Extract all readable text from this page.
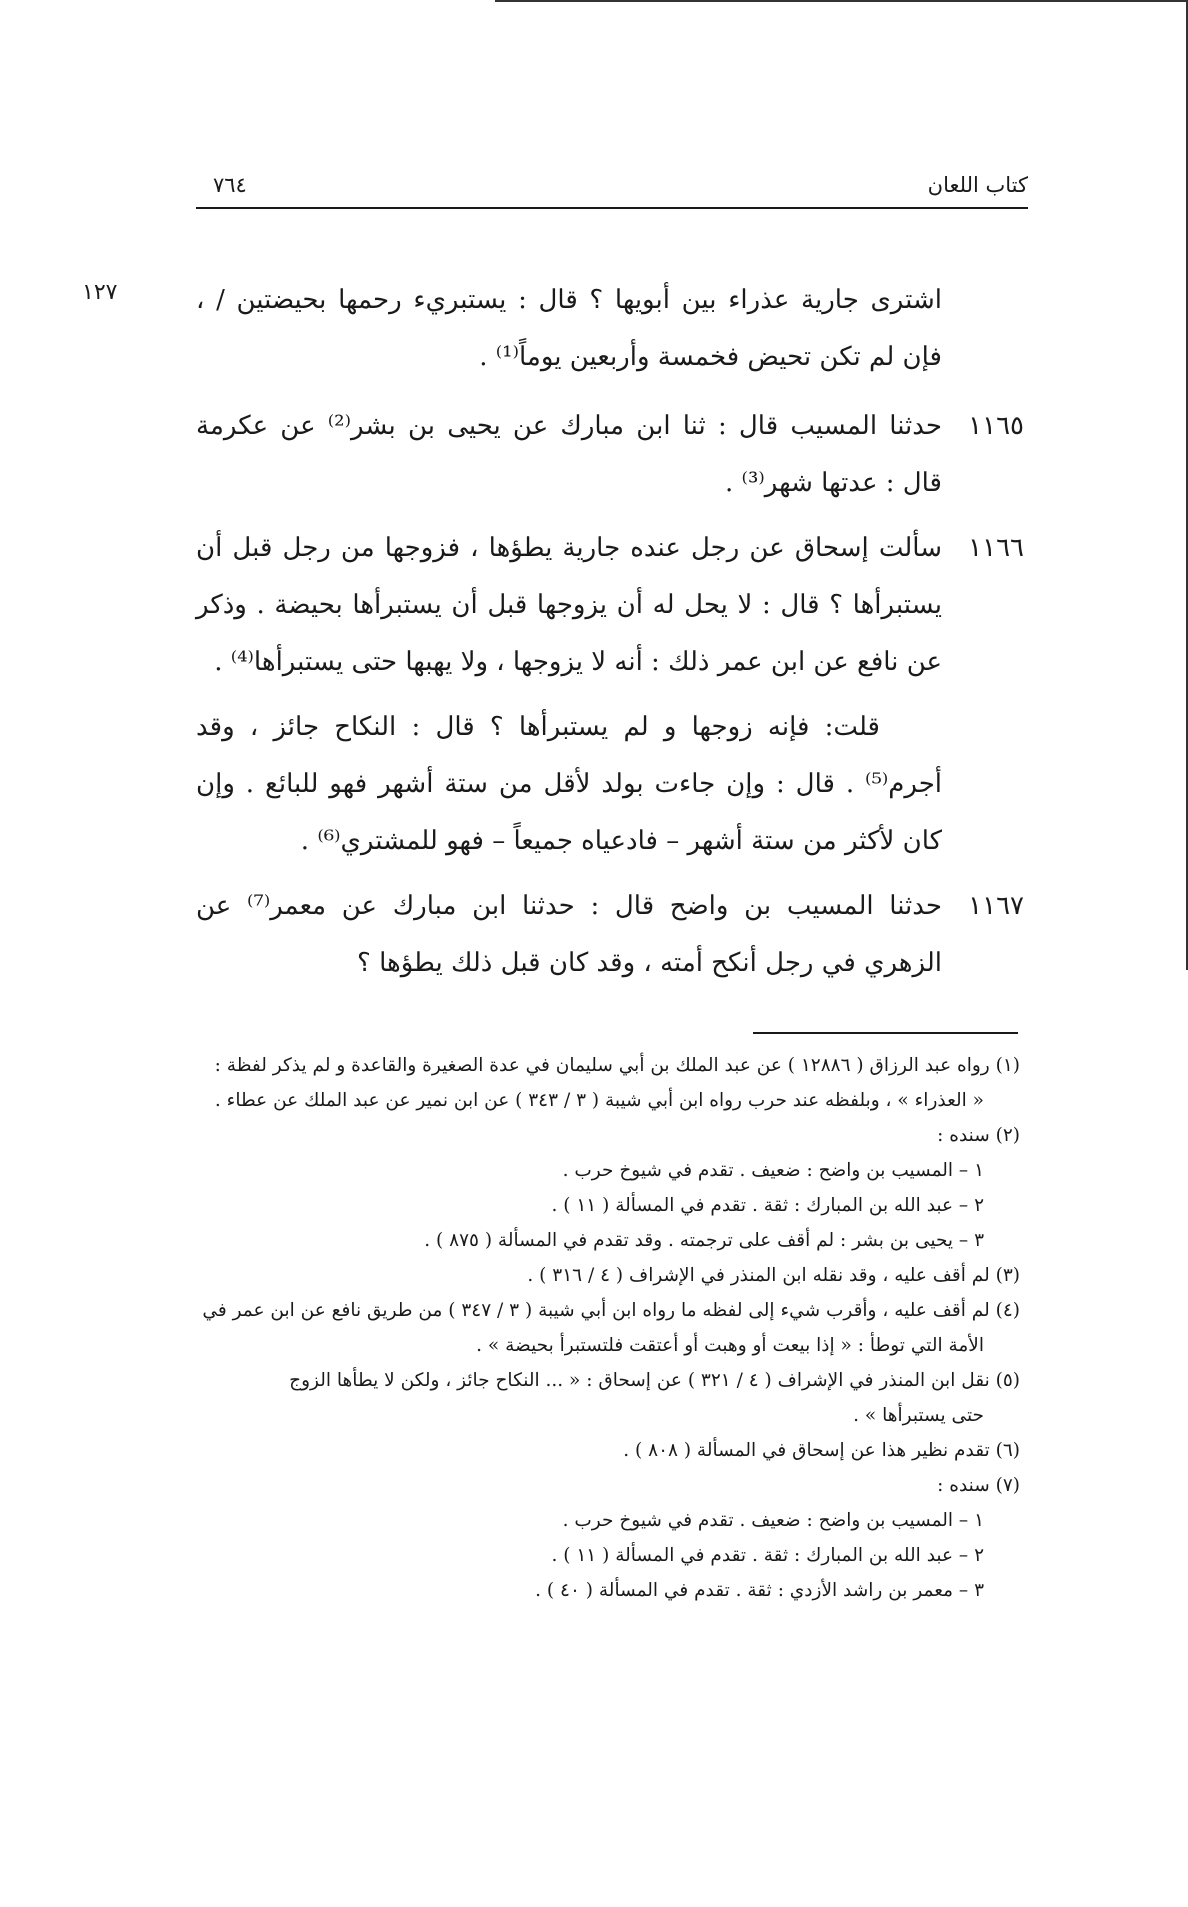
كتاب اللعان
٧٦٤
١٢٧	اشترى جارية عذراء بين أبويها ؟ قال : يستبريء رحمها بحيضتين / ، فإن لم تكن تحيض فخمسة وأربعين يوماً⁽¹⁾ .

١١٦٥
حدثنا المسيب قال : ثنا ابن مبارك عن يحيى بن بشر⁽²⁾ عن عكرمة قال : عدتها شهر⁽³⁾ .

١١٦٦
سألت إسحاق عن رجل عنده جارية يطؤها ، فزوجها من رجل قبل أن يستبرأها ؟ قال : لا يحل له أن يزوجها قبل أن يستبرأها بحيضة . وذكر عن نافع عن ابن عمر ذلك : أنه لا يزوجها ، ولا يهبها حتى يستبرأها⁽⁴⁾ .

قلت: فإنه زوجها و لم يستبرأها ؟ قال : النكاح جائز ، وقد أجرم⁽⁵⁾ . قال : وإن جاءت بولد لأقل من ستة أشهر فهو للبائع . وإن كان لأكثر من ستة أشهر – فادعياه جميعاً – فهو للمشتري⁽⁶⁾ .

١١٦٧
حدثنا المسيب بن واضح قال : حدثنا ابن مبارك عن معمر⁽⁷⁾ عن الزهري في رجل أنكح أمته ، وقد كان قبل ذلك يطؤها ؟

(١) رواه عبد الرزاق ( ١٢٨٨٦ ) عن عبد الملك بن أبي سليمان في عدة الصغيرة والقاعدة و لم يذكر لفظة :
« العذراء » ، وبلفظه عند حرب رواه ابن أبي شيبة ( ٣ / ٣٤٣ ) عن ابن نمير عن عبد الملك عن عطاء .
(٢) سنده :
١ – المسيب بن واضح : ضعيف . تقدم في شيوخ حرب .
٢ – عبد الله بن المبارك : ثقة . تقدم في المسألة ( ١١ ) .
٣ – يحيى بن بشر : لم أقف على ترجمته . وقد تقدم في المسألة ( ٨٧٥ ) .
(٣) لم أقف عليه ، وقد نقله ابن المنذر في الإشراف ( ٤ / ٣١٦ ) .
(٤) لم أقف عليه ، وأقرب شيء إلى لفظه ما رواه ابن أبي شيبة ( ٣ / ٣٤٧ ) من طريق نافع عن ابن عمر في
الأمة التي توطأ : « إذا بيعت أو وهبت أو أعتقت فلتستبرأ بحيضة » .
(٥) نقل ابن المنذر في الإشراف ( ٤ / ٣٢١ ) عن إسحاق : « ... النكاح جائز ، ولكن لا يطأها الزوج
حتى يستبرأها » .
(٦) تقدم نظير هذا عن إسحاق في المسألة ( ٨٠٨ ) .
(٧) سنده :
١ – المسيب بن واضح : ضعيف . تقدم في شيوخ حرب .
٢ – عبد الله بن المبارك : ثقة . تقدم في المسألة ( ١١ ) .
٣ – معمر بن راشد الأزدي : ثقة . تقدم في المسألة ( ٤٠ ) .
